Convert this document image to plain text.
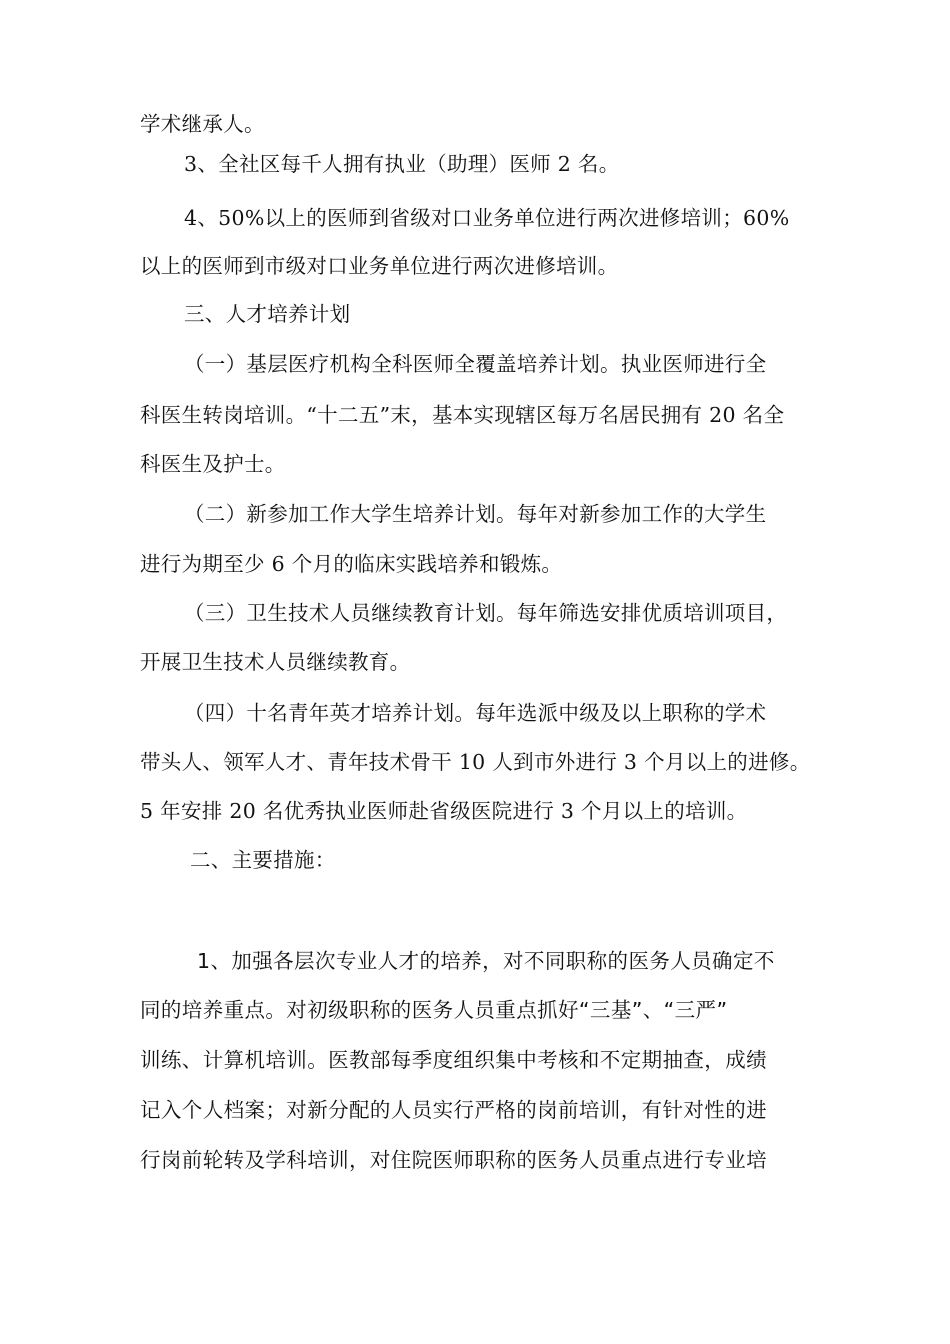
学术继承人。
3、全社区每千人拥有执业（助理）医师 2 名。
4、50%以上的医师到省级对口业务单位进行两次进修培训；60%
以上的医师到市级对口业务单位进行两次进修培训。
三、人才培养计划
（一）基层医疗机构全科医师全覆盖培养计划。执业医师进行全
科医生转岗培训。“十二五”末，基本实现辖区每万名居民拥有 20 名全
科医生及护士。
（二）新参加工作大学生培养计划。每年对新参加工作的大学生
进行为期至少 6 个月的临床实践培养和锻炼。
（三）卫生技术人员继续教育计划。每年筛选安排优质培训项目，
开展卫生技术人员继续教育。
（四）十名青年英才培养计划。每年选派中级及以上职称的学术
带头人、领军人才、青年技术骨干 10 人到市外进行 3 个月以上的进修。
5 年安排 20 名优秀执业医师赴省级医院进行 3 个月以上的培训。
二、主要措施：
1、加强各层次专业人才的培养，对不同职称的医务人员确定不
同的培养重点。对初级职称的医务人员重点抓好“三基”、“三严”
训练、计算机培训。医教部每季度组织集中考核和不定期抽查，成绩
记入个人档案；对新分配的人员实行严格的岗前培训，有针对性的进
行岗前轮转及学科培训，对住院医师职称的医务人员重点进行专业培
